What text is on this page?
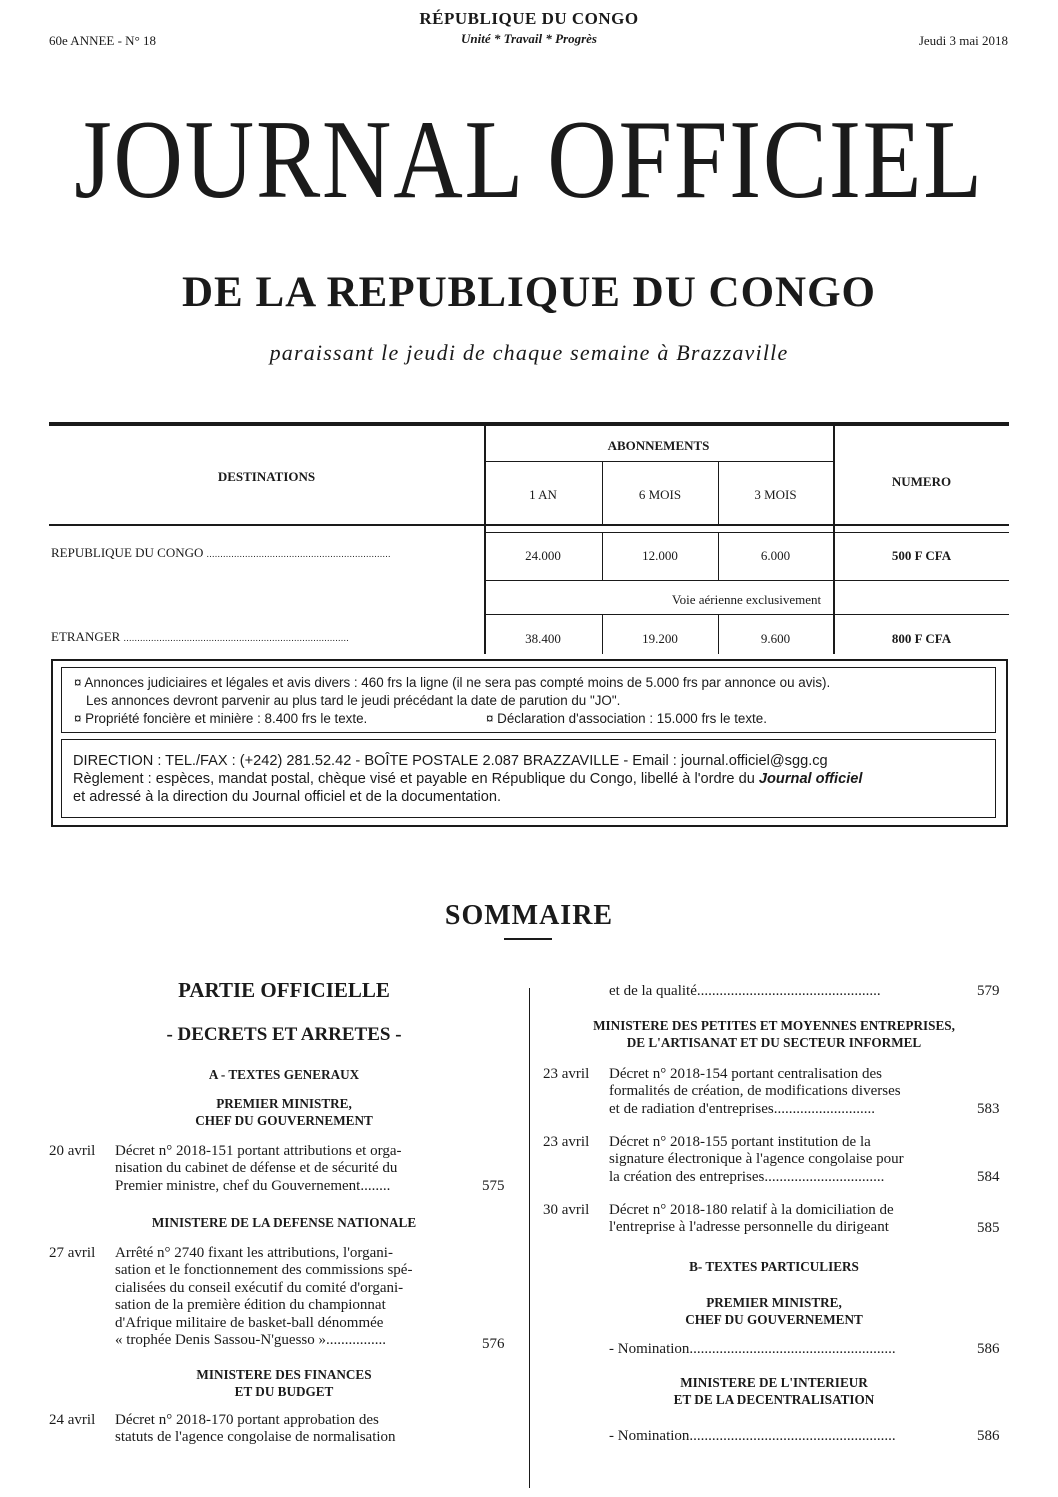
RÉPUBLIQUE DU CONGO
Unité * Travail * Progrès
60e ANNEE - N° 18	Jeudi 3 mai 2018
JOURNAL OFFICIEL
DE LA REPUBLIQUE DU CONGO
paraissant le jeudi de chaque semaine à Brazzaville
DESTINATIONS
ABONNEMENTS
NUMERO
1 AN	6 MOIS	3 MOIS
REPUBLIQUE DU CONGO ...................................................................	24.000	12.000	6.000	500 F CFA
Voie aérienne exclusivement
ETRANGER ..................................................................................	38.400	19.200	9.600	800 F CFA
¤ Annonces judiciaires et légales et avis divers : 460 frs la ligne (il ne sera pas compté moins de 5.000 frs par annonce ou avis).
Les annonces devront parvenir au plus tard le jeudi précédant la date de parution du "JO".
¤ Propriété foncière et minière : 8.400 frs le texte.	¤ Déclaration d'association : 15.000 frs le texte.
DIRECTION : TEL./FAX : (+242) 281.52.42 - BOÎTE POSTALE 2.087 BRAZZAVILLE - Email : journal.officiel@sgg.cg
Règlement : espèces, mandat postal, chèque visé et payable en République du Congo, libellé à l'ordre du Journal officiel
et adressé à la direction du Journal officiel et de la documentation.
SOMMAIRE
PARTIE OFFICIELLE
- DECRETS ET ARRETES -
A - TEXTES GENERAUX
PREMIER MINISTRE,
CHEF DU GOUVERNEMENT
20 avril Décret n° 2018-151 portant attributions et orga-
nisation du cabinet de défense et de sécurité du
Premier ministre, chef du Gouvernement........	575
MINISTERE DE LA DEFENSE NATIONALE
27 avril Arrêté n° 2740 fixant les attributions, l'organi-
sation et le fonctionnement des commissions spé-
cialisées du conseil exécutif du comité d'organi-
sation de la première édition du championnat
d'Afrique militaire de basket-ball dénommée
« trophée Denis Sassou-N'guesso »................	576
MINISTERE DES FINANCES
ET DU BUDGET
24 avril Décret n° 2018-170 portant approbation des
statuts de l'agence congolaise de normalisation
et de la qualité.................................................	579
MINISTERE DES PETITES ET MOYENNES ENTREPRISES,
DE L'ARTISANAT ET DU SECTEUR INFORMEL
23 avril Décret n° 2018-154 portant centralisation des
formalités de création, de modifications diverses
et de radiation d'entreprises...........................	583
23 avril Décret n° 2018-155 portant institution de la
signature électronique à l'agence congolaise pour
la création des entreprises................................	584
30 avril Décret n° 2018-180 relatif à la domiciliation de
l'entreprise à l'adresse personnelle du dirigeant	585
B- TEXTES PARTICULIERS
PREMIER MINISTRE,
CHEF DU GOUVERNEMENT
- Nomination.......................................................	586
MINISTERE DE L'INTERIEUR
ET DE LA DECENTRALISATION
- Nomination.......................................................	586
